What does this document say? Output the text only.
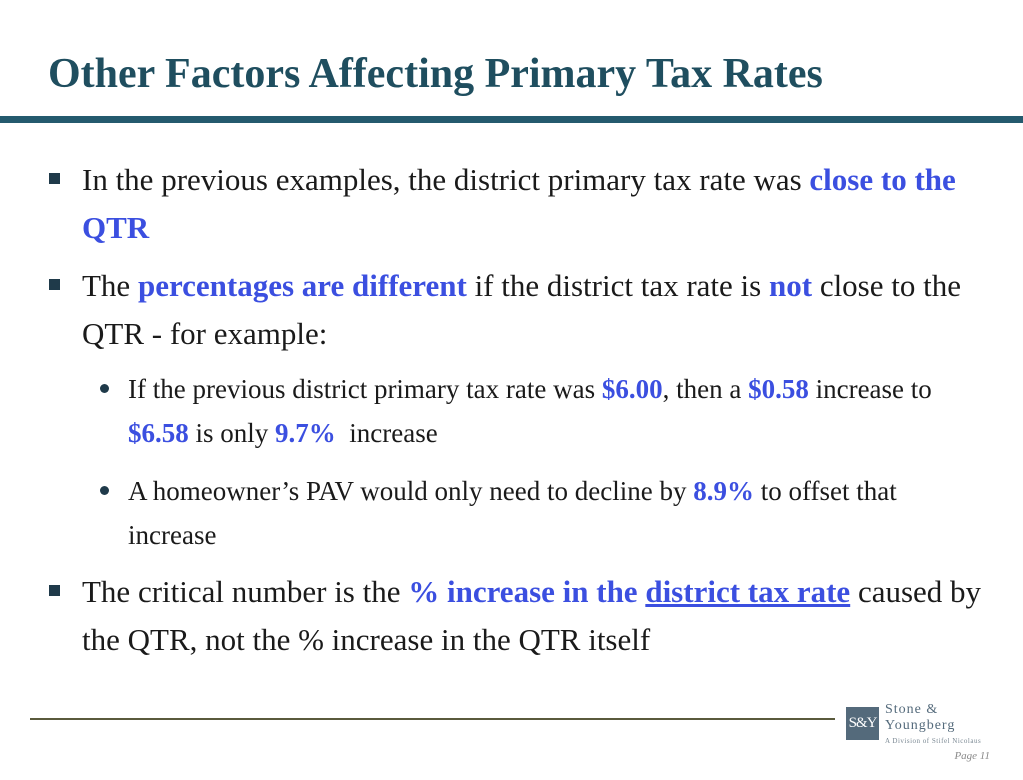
Other Factors Affecting Primary Tax Rates
In the previous examples, the district primary tax rate was close to the QTR
The percentages are different if the district tax rate is not close to the QTR - for example:
If the previous district primary tax rate was $6.00, then a $0.58 increase to $6.58 is only 9.7%  increase
A homeowner’s PAV would only need to decline by 8.9% to offset that increase
The critical number is the % increase in the district tax rate caused by the QTR, not the % increase in the QTR itself
S&Y
Stone &
Youngberg
A Division of Stifel Nicolaus
Page 11
